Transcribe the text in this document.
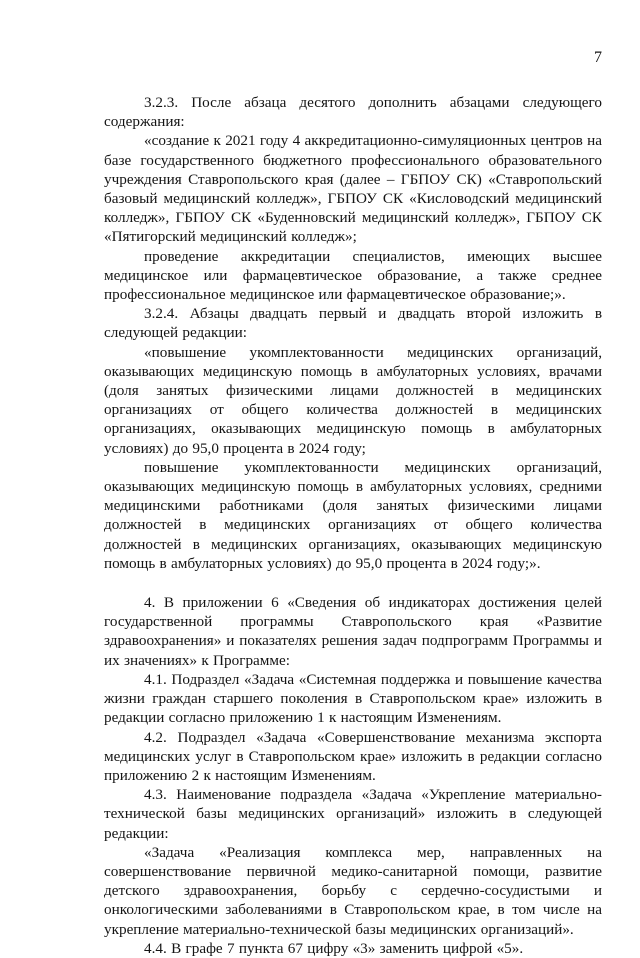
7

3.2.3. После абзаца десятого дополнить абзацами следующего содержания:

«создание к 2021 году 4 аккредитационно-симуляционных центров на базе государственного бюджетного профессионального образовательного учреждения Ставропольского края (далее – ГБПОУ СК) «Ставропольский базовый медицинский колледж», ГБПОУ СК «Кисловодский медицинский колледж», ГБПОУ СК «Буденновский медицинский колледж», ГБПОУ СК «Пятигорский медицинский колледж»;

проведение аккредитации специалистов, имеющих высшее медицинское или фармацевтическое образование, а также среднее профессиональное медицинское или фармацевтическое образование;».

3.2.4. Абзацы двадцать первый и двадцать второй изложить в следующей редакции:

«повышение укомплектованности медицинских организаций, оказывающих медицинскую помощь в амбулаторных условиях, врачами (доля занятых физическими лицами должностей в медицинских организациях от общего количества должностей в медицинских организациях, оказывающих медицинскую помощь в амбулаторных условиях) до 95,0 процента в 2024 году;

повышение укомплектованности медицинских организаций, оказывающих медицинскую помощь в амбулаторных условиях, средними медицинскими работниками (доля занятых физическими лицами должностей в медицинских организациях от общего количества должностей в медицинских организациях, оказывающих медицинскую помощь в амбулаторных условиях) до 95,0 процента в 2024 году;».

4. В приложении 6 «Сведения об индикаторах достижения целей государственной программы Ставропольского края «Развитие здравоохранения» и показателях решения задач подпрограмм Программы и их значениях» к Программе:

4.1. Подраздел «Задача «Системная поддержка и повышение качества жизни граждан старшего поколения в Ставропольском крае» изложить в редакции согласно приложению 1 к настоящим Изменениям.

4.2. Подраздел «Задача «Совершенствование механизма экспорта медицинских услуг в Ставропольском крае» изложить в редакции согласно приложению 2 к настоящим Изменениям.

4.3. Наименование подраздела «Задача «Укрепление материально-технической базы медицинских организаций» изложить в следующей редакции:

«Задача «Реализация комплекса мер, направленных на совершенствование первичной медико-санитарной помощи, развитие детского здравоохранения, борьбу с сердечно-сосудистыми и онкологическими заболеваниями в Ставропольском крае, в том числе на укрепление материально-технической базы медицинских организаций».

4.4. В графе 7 пункта 67 цифру «3» заменить цифрой «5».
